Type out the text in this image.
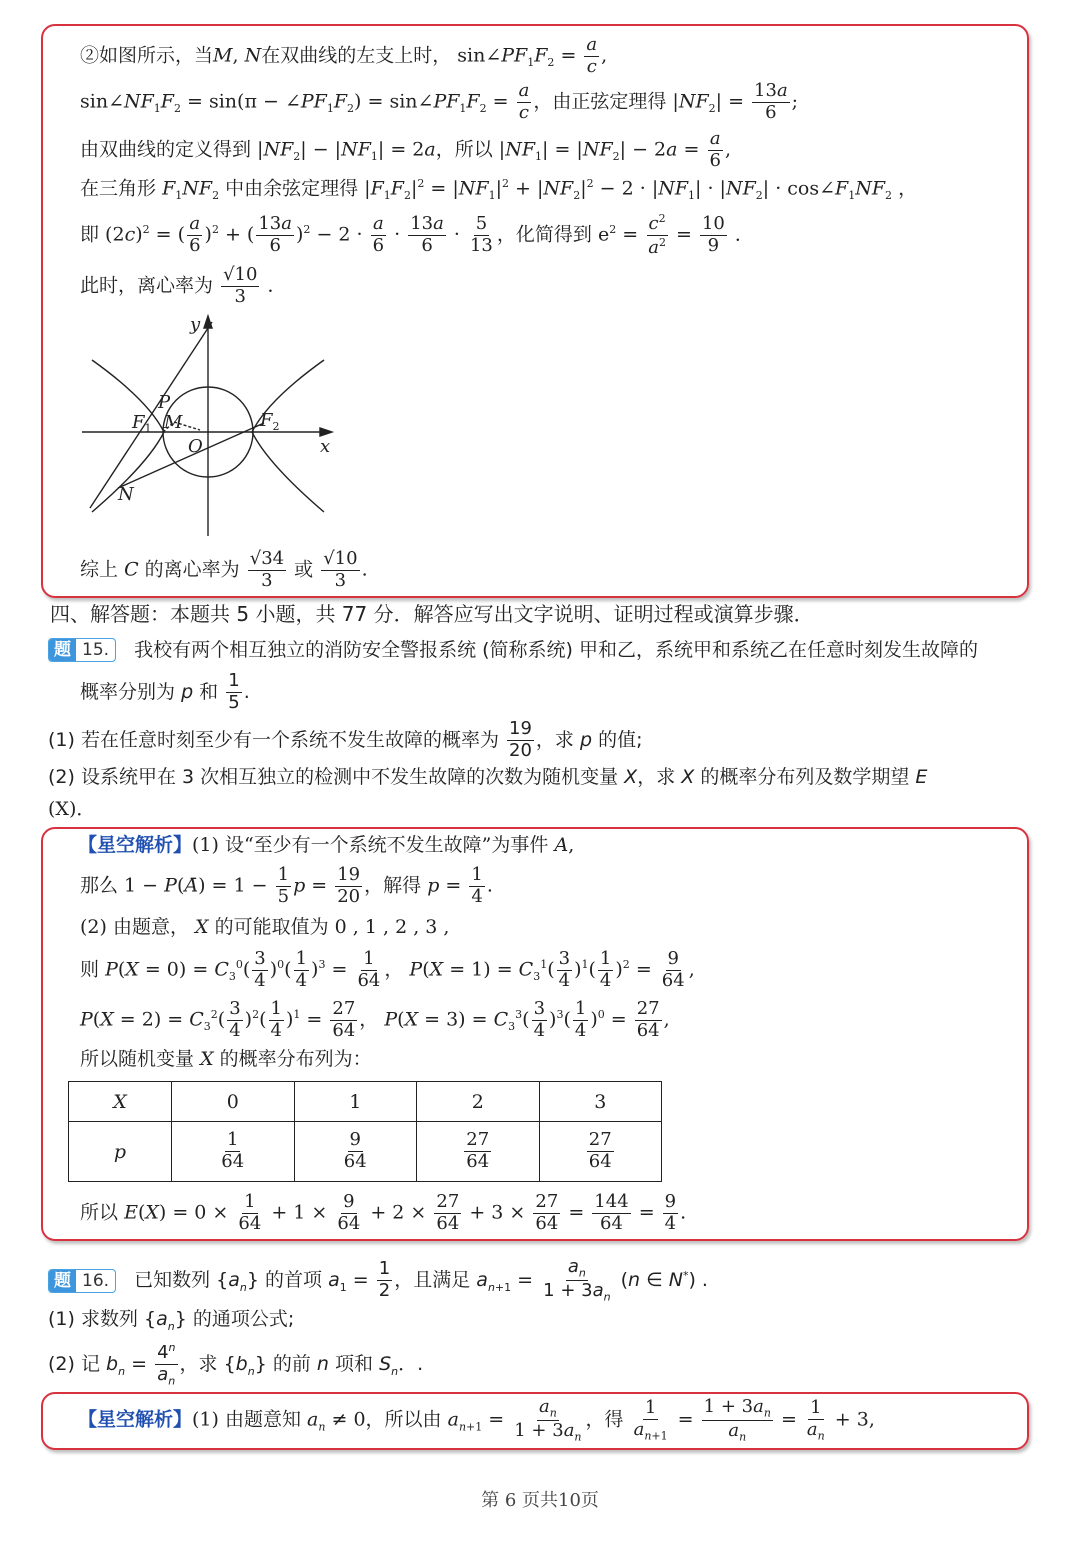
②如图所示，当M, N在双曲线的左支上时， $\sin\angle PF_1F_2 = \frac{a}{c}$ ,
$\sin\angle NF_1F_2 = \sin(\pi$ − $\angle PF_1F_2$) = $\sin\angle PF_1F_2 = \frac{a}{c}$ ，由正弦定理得 $|NF_2| = \frac{13a}{6}$ ;
由双曲线的定义得到 $|NF_2| - |NF_1| = 2a$，所以 $|NF_1| = |NF_2| - 2a = \frac{a}{6}$ ,
在三角形 $F_1NF_2$ 中由余弦定理得 $|F_1F_2|^2 = |NF_1|^2 + |NF_2|^2 - 2 \cdot |NF_1| \cdot |NF_2|$ · $\cos\angle F_1NF_2$ ，
即 $(2c)^2$ = ( $\frac{a}{6} )^2$ + ( $\frac{13a}{6} )^2 - 2 \cdot \frac{a}{6} \cdot \frac{13a}{6} \cdot \frac{5}{13}$ ，化简得到 $e^2 = \frac{c^2}{a^2} = \frac{10}{9}$ ．
此时，离心率为 $\frac{√10}{3}$ ．
y
x
P
$F_1$ M
O
$F_2$
N
综上 C 的离心率为 $\frac{√34}{3}$ 或 $\frac{√10}{3}$ .
四、解答题：本题共 5 小题，共 77 分．解答应写出文字说明、证明过程或演算步骤．
题 15. 我校有两个相互独立的消防安全警报系统 (简称系统) 甲和乙，系统甲和系统乙在任意时刻发生故障的
概率分别为 p 和 $\frac{1}{5}$ .
(1) 若在任意时刻至少有一个系统不发生故障的概率为 $\frac{19}{20}$ ，求 p 的值;
(2) 设系统甲在 3 次相互独立的检测中不发生故障的次数为随机变量 X，求 X 的概率分布列及数学期望 E
(X)．
【星空解析】(1) 设“至少有一个系统不发生故障”为事件 A,
那么 1 − P(Ā) = $1 - \frac{1}{5}$ $p = \frac{19}{20}$ ，解得 $p = \frac{1}{4}$ .
(2) 由题意， X 的可能取值为 0 , 1 , 2 , 3 ,
则 $P(X = 0) = C_3^0( \frac{3}{4} )^0( \frac{1}{4} )^3 = \frac{1}{64}$ ， $P(X = 1) = C_3^1( \frac{3}{4} )^1( \frac{1}{4} )^2 = \frac{9}{64}$ ,
$P(X = 2) = C_3^2( \frac{3}{4} )^2( \frac{1}{4} )^1 = \frac{27}{64}$ ， $P(X = 3) = C_3^3( \frac{3}{4} )^3( \frac{1}{4} )^0 = \frac{27}{64}$ ,
所以随机变量 X 的概率分布列为：
X	0	1	2	3
p	$\frac{1}{64}$	$\frac{9}{64}$	$\frac{27}{64}$	$\frac{27}{64}$
所以 $E(X) = 0 \times \frac{1}{64} + 1 \times \frac{9}{64} + 2 \times \frac{27}{64} + 3 \times \frac{27}{64} = \frac{144}{64} = \frac{9}{4}$ .
题 16. 已知数列 $\{a_n\}$ 的首项 $a_1 = \frac{1}{2}$ ，且满足 $a_{n+1} = \frac{a_n}{1 + 3a_n} (n$ ∈ N*) .
(1) 求数列 $\{a_n\}$ 的通项公式;
(2) 记 $b_n = \frac{4^n}{a_n}$ ，求 $\{b_n\}$ 的前 n 项和 $S_n$．.
【星空解析】(1) 由题意知 $a_n \ne 0$，所以由 $a_{n+1} = \frac{a_n}{1 + 3a_n}$ ，得 $\frac{1}{a_{n+1}} = \frac{1 + 3a_n}{a_n} = \frac{1}{a_n} + 3$,
第 6 页共10页
